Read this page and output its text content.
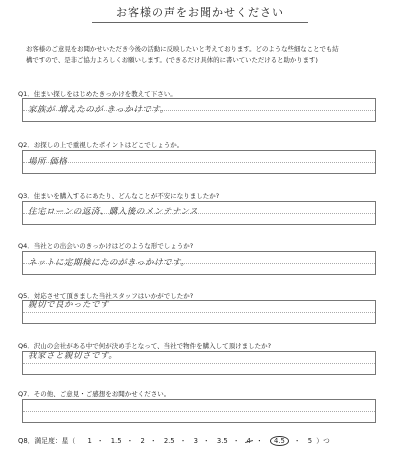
お客様の声をお聞かせください
お客様のご意見をお聞かせいただき今後の活動に反映したいと考えております。どのような些細なことでも結
構ですので、是非ご協力よろしくお願いします。(できるだけ具体的に書いていただけると助かります)
Q1．住まい探しをはじめたきっかけを教えて下さい。
家族が 増えたのが きっかけです。
Q2．お探しの上で重視したポイントはどこでしょうか。
場所 価格
Q3．住まいを購入するにあたり、どんなことが不安になりましたか?
住宅ローンの返済、購入後のメンテナンス
Q4．当社との出会いのきっかけはどのような形でしょうか?
ネットに定期検にたのがきっかけです。
Q5．対応させて頂きました当社スタッフはいかがでしたか?
親切で良かったです
Q6．沢山の会社がある中で何が決め手となって、当社で物件を購入して頂けましたか?
我家さと親切さです。
Q7．その他、ご意見・ご感想をお聞かせください。
Q8．満足度：星（ 1 ・ 1.5 ・ 2 ・ 2.5 ・ 3 ・ 3.5 ・ 4 ・ 4.5 ・ 5 ）つ
